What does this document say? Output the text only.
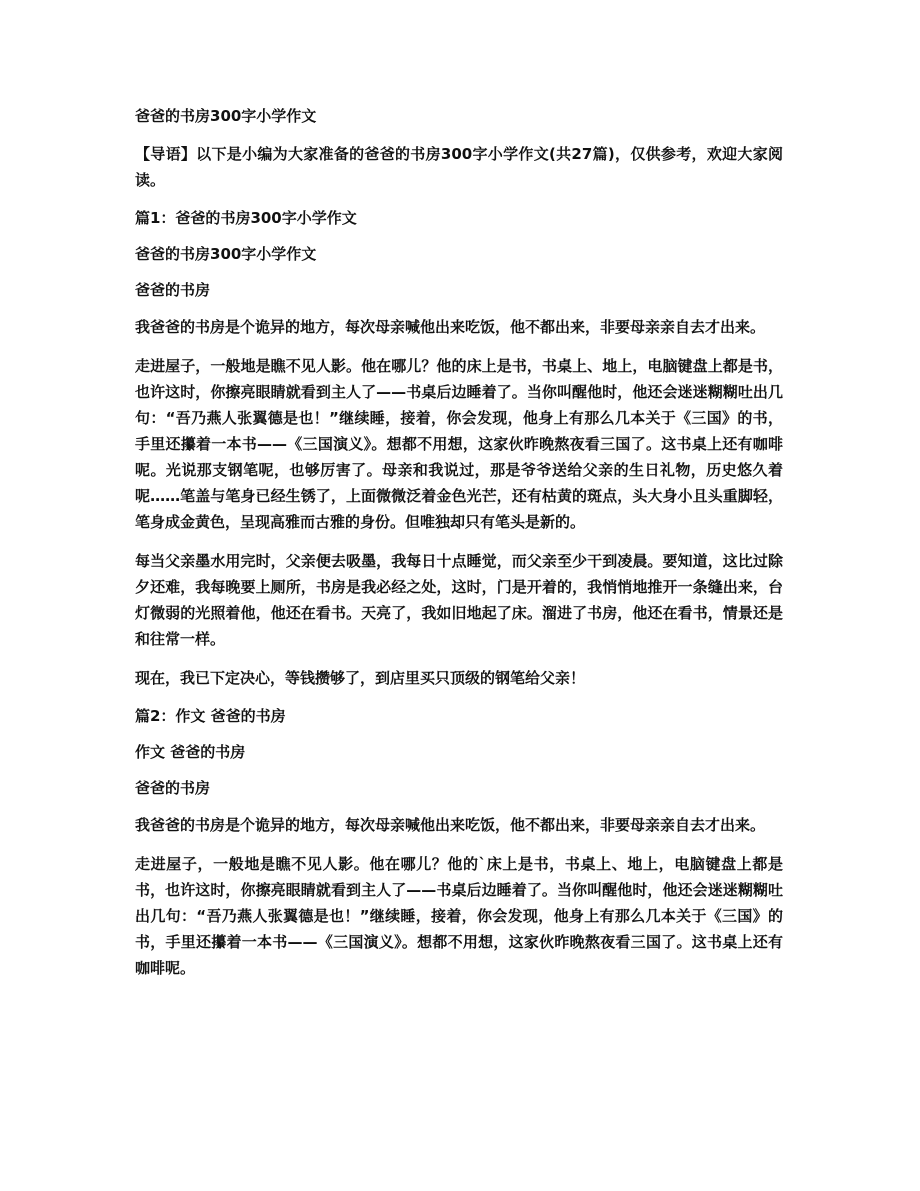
爸爸的书房300字小学作文
【导语】以下是小编为大家准备的爸爸的书房300字小学作文(共27篇)，仅供参考，欢迎大家阅读。
篇1：爸爸的书房300字小学作文
爸爸的书房300字小学作文
爸爸的书房
我爸爸的书房是个诡异的地方，每次母亲喊他出来吃饭，他不都出来，非要母亲亲自去才出来。
走进屋子，一般地是瞧不见人影。他在哪儿？他的床上是书，书桌上、地上，电脑键盘上都是书，也许这时，你擦亮眼睛就看到主人了——书桌后边睡着了。当你叫醒他时，他还会迷迷糊糊吐出几句：“吾乃燕人张翼德是也！”继续睡，接着，你会发现，他身上有那么几本关于《三国》的书，手里还攥着一本书——《三国演义》。想都不用想，这家伙昨晚熬夜看三国了。这书桌上还有咖啡呢。光说那支钢笔呢，也够厉害了。母亲和我说过，那是爷爷送给父亲的生日礼物，历史悠久着呢……笔盖与笔身已经生锈了，上面微微泛着金色光芒，还有枯黄的斑点，头大身小且头重脚轻，笔身成金黄色，呈现高雅而古雅的身份。但唯独却只有笔头是新的。
每当父亲墨水用完时，父亲便去吸墨，我每日十点睡觉，而父亲至少干到凌晨。要知道，这比过除夕还难，我每晚要上厕所，书房是我必经之处，这时，门是开着的，我悄悄地推开一条缝出来，台灯微弱的光照着他，他还在看书。天亮了，我如旧地起了床。溜进了书房，他还在看书，情景还是和往常一样。
现在，我已下定决心，等钱攒够了，到店里买只顶级的钢笔给父亲！
篇2：作文 爸爸的书房
作文 爸爸的书房
爸爸的书房
我爸爸的书房是个诡异的地方，每次母亲喊他出来吃饭，他不都出来，非要母亲亲自去才出来。
走进屋子，一般地是瞧不见人影。他在哪儿？他的`床上是书，书桌上、地上，电脑键盘上都是书，也许这时，你擦亮眼睛就看到主人了——书桌后边睡着了。当你叫醒他时，他还会迷迷糊糊吐出几句：“吾乃燕人张翼德是也！”继续睡，接着，你会发现，他身上有那么几本关于《三国》的书，手里还攥着一本书——《三国演义》。想都不用想，这家伙昨晚熬夜看三国了。这书桌上还有咖啡呢。
